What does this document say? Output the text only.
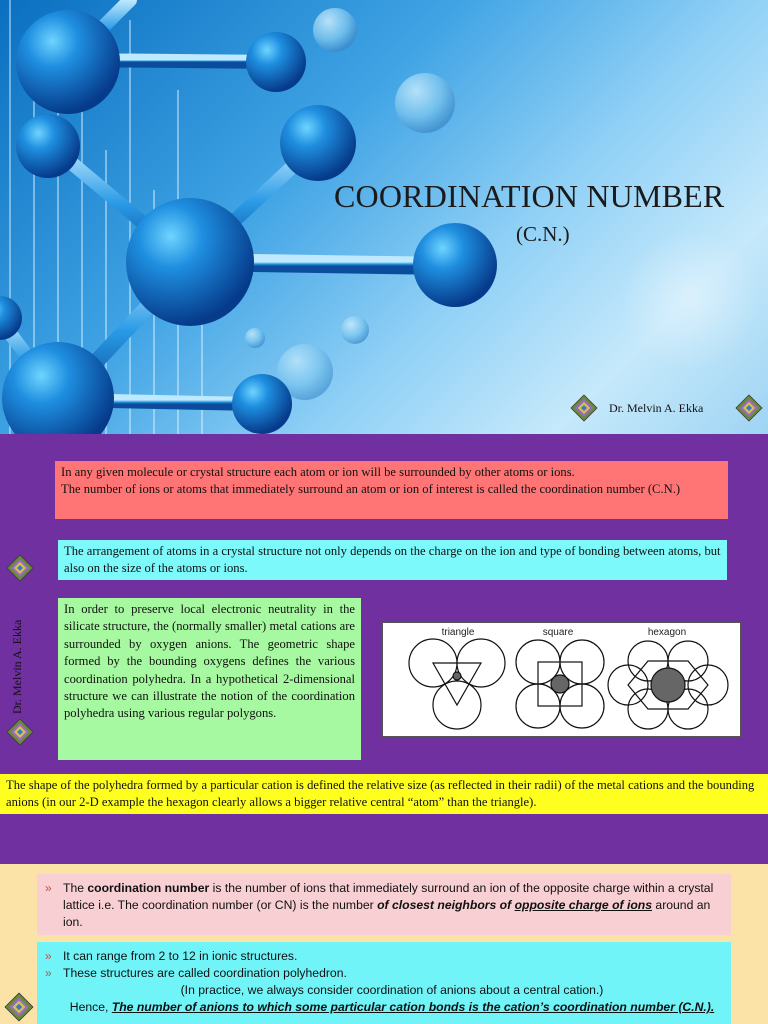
COORDINATION NUMBER
(C.N.)
Dr. Melvin A. Ekka
In any given molecule or crystal structure each atom or ion will be surrounded by other atoms or ions.
The number of ions or atoms that immediately surround an atom or ion of interest is called the coordination number (C.N.)
Dr. Melvin A. Ekka
The arrangement of atoms in a crystal structure not only depends on the charge on the ion and type of bonding between atoms, but also on the size of the atoms or ions.
In order to preserve local electronic neutrality in the silicate structure, the (normally smaller) metal cations are surrounded by oxygen anions. The geometric shape formed by the bounding oxygens defines the various coordination polyhedra. In a hypothetical 2-dimensional structure we can illustrate the notion of the coordination polyhedra using various regular polygons.
triangle	square	hexagon
The shape of the polyhedra formed by a particular cation is defined the relative size (as reflected in their radii) of the metal cations and the bounding anions (in our 2-D example the hexagon clearly allows a bigger relative central “atom” than the triangle).
» The coordination number is the number of ions that immediately surround an ion of the opposite charge within a crystal lattice i.e. The coordination number (or CN) is the number of closest neighbors of opposite charge of ions around an ion.
» It can range from 2 to 12 in ionic structures.
» These structures are called coordination polyhedron.
(In practice, we always consider coordination of anions about a central cation.)
Hence, The number of anions to which some particular cation bonds is the cation’s coordination number (C.N.).
